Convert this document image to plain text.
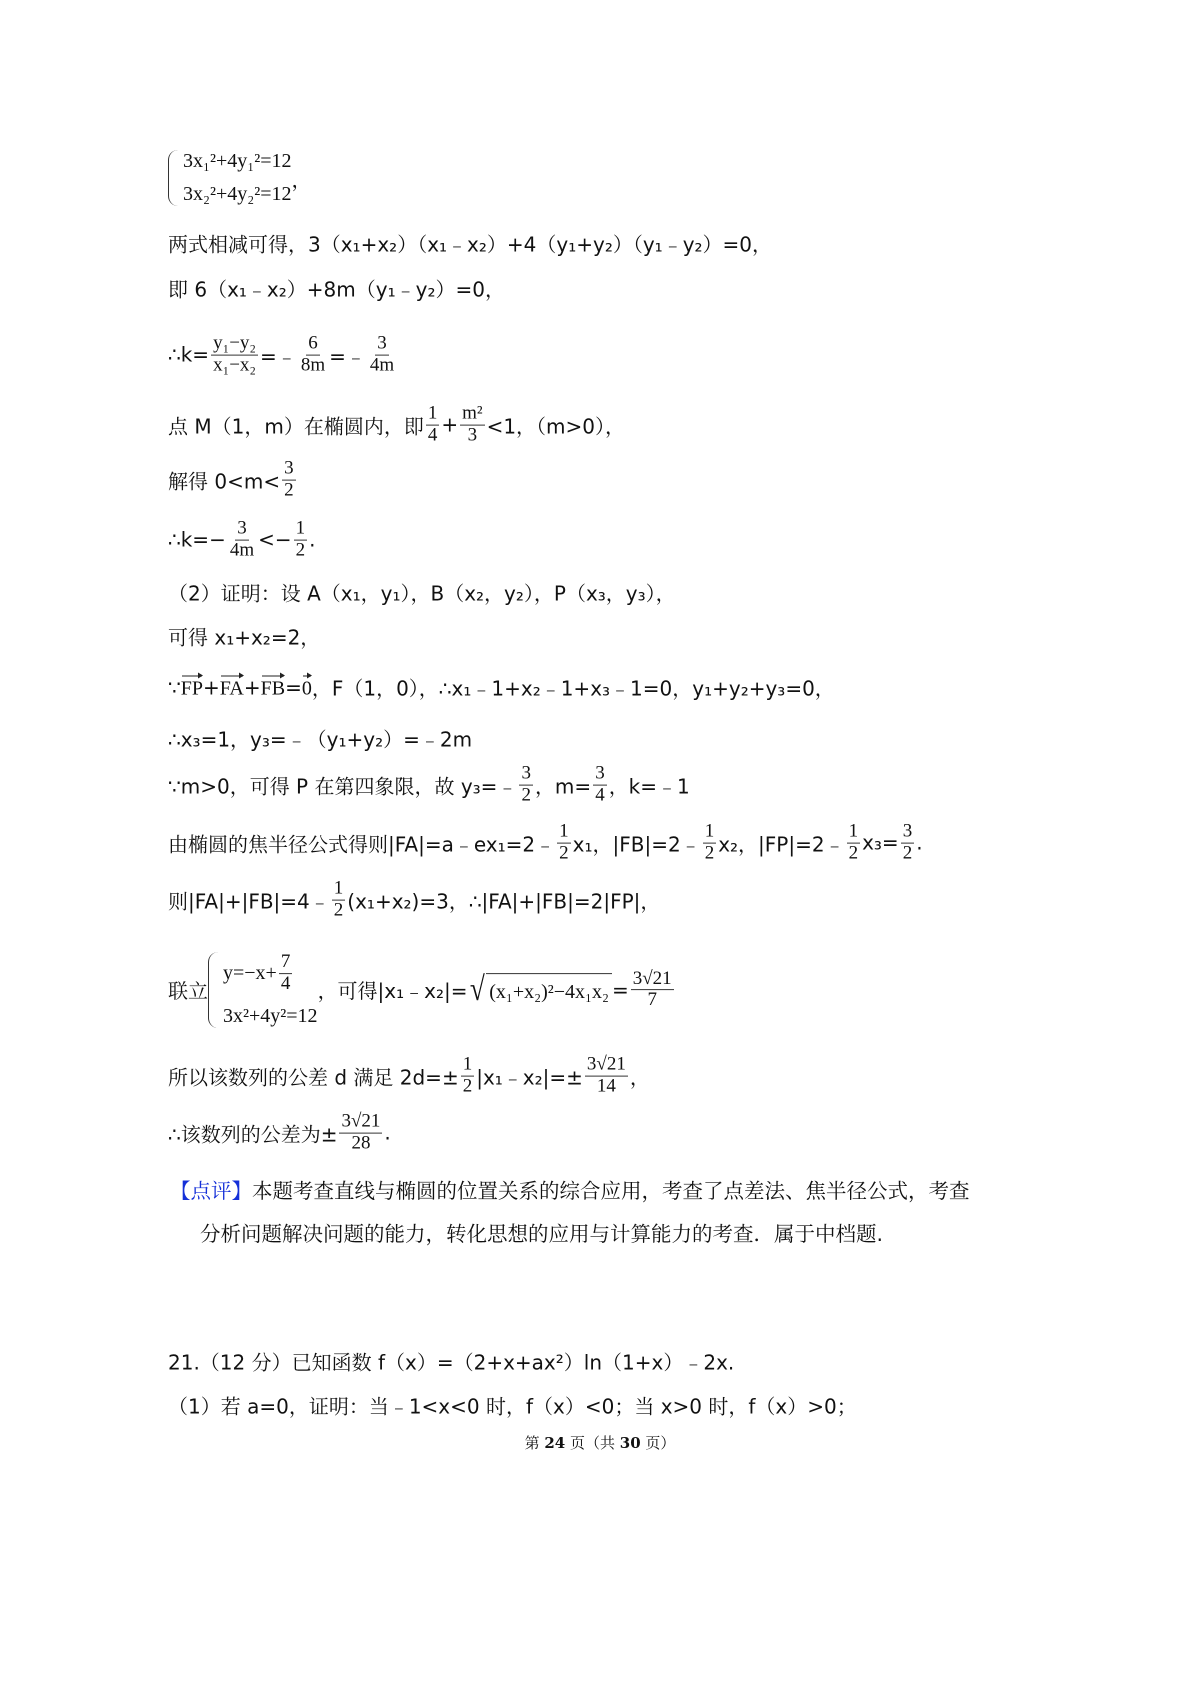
3x₁²+4y₁²=12
3x₂²+4y₂²=12
，
两式相减可得，3（x₁+x₂）（x₁﹣x₂）+4（y₁+y₂）（y₁﹣y₂）=0，
即 6（x₁﹣x₂）+8m（y₁﹣y₂）=0，
∴k= $\frac{\text{y₁−y₂}}{\text{x₁−x₂}}$ =﹣ $\frac{6}{8m}$ =﹣ $\frac{3}{4m}$
点 M（1，m）在椭圆内，即 $\frac{1}{4} + \frac{\text{m²}}{3} <1$，（m>0），
解得 $0<m< \frac{3}{2}$
∴k=− $\frac{3}{4m} <- \frac{1}{2}$ .
（2）证明：设 A（x₁，y₁），B（x₂，y₂），P（x₃，y₃），
可得 x₁+x₂=2，
∵ FP + FA + FB = 0 ，F（1，0），∴x₁﹣1+x₂﹣1+x₃﹣1=0，y₁+y₂+y₃=0，
∴x₃=1，y₃=﹣（y₁+y₂）=﹣2m
∵m>0，可得 P 在第四象限，故 y₃=﹣ $\frac{3}{2}$ ，$m= \frac{3}{4}$ ，k=﹣1
由椭圆的焦半径公式得则|FA|=a﹣ex₁=2﹣ $\frac{1}{2} x_1$，|FB|=2﹣ $\frac{1}{2} x_2$，|FP|=2﹣ $\frac{1}{2} x_3= \frac{3}{2}$ .
则|FA|+|FB|=4﹣ $\frac{1}{2} (x_1+x_2)=3$，∴|FA|+|FB|=2|FP|，
联立
$y=-x+ \frac{7}{4}$
3x²+4y²=12
，可得|x₁﹣x₂|= √ $(x_1+x_2)^2-4x_1x_2 = \frac{3√21}{7}$
所以该数列的公差 d 满足 $2d=\pm \frac{1}{2}$ |x₁﹣x₂|=± $\frac{3√21}{14}$ ，
∴该数列的公差为± $\frac{3√21}{28}$ .
21.（12 分）已知函数 f（x）=（2+x+ax²）ln（1+x）﹣2x.
（1）若 a=0，证明：当﹣1<x<0 时，f（x）<0；当 x>0 时，f（x）>0；
【点评】本题考查直线与椭圆的位置关系的综合应用，考查了点差法、焦半径公式，考查分析问题解决问题的能力，转化思想的应用与计算能力的考查．属于中档题.
第 24 页（共 30 页）
